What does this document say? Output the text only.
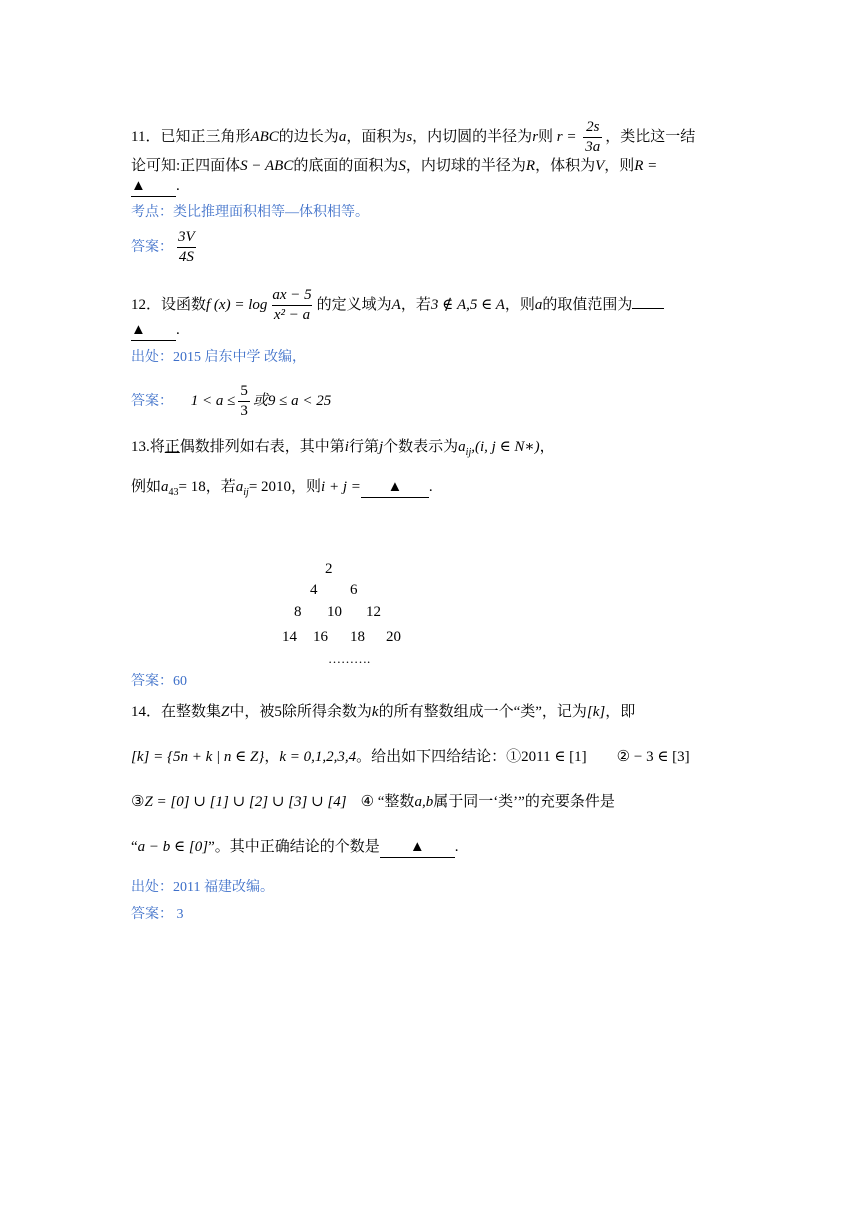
11．已知正三角形ABC的边长为a，面积为s，内切圆的半径为r则 $r = \frac{2s}{3a}$ ，类比这一结
论可知:正四面体S − ABC的底面的面积为S，内切球的半径为R，体积为V，则R =
▲ .
考点：类比推理面积相等—体积相等。
答案： $\frac{3V}{4S}$
12．设函数f $(x) = \log \frac{ax - 5}{\text{x² − a}}$ 的定义域为A，若3 ∉ A,5 ∈ A，则a的取值范围为
▲ .
出处：2015 启东中学 改编，
答案： $1 < a \le \frac{5}{3}$ 或9 ≤ a < 25
13.将正偶数排列如右表，其中第i行第j个数表示为$a_{ij},(i$, j ∈ N∗)，
例如$a_{43}= 18$，若$a_{ij}= 2010$，则i + j = ▲ .
2
4 6
8 10 12
14 16 18 20
……….
答案：60
14．在整数集Z中，被5除所得余数为k的所有整数组成一个“类”，记为[k]，即
[k] = {5n + k | n ∈ Z}，k = 0,1,2,3,4。给出如下四给结论：①2011 ∈ [1] ② − 3 ∈ [3]
③Z = [0] ∪ [1] ∪ [2] ∪ [3] ∪ [4] ④ “整数a,b属于同一‘类’”的充要条件是
“a − b ∈ [0]”。其中正确结论的个数是 ▲ .
出处：2011 福建改编。
答案： 3
